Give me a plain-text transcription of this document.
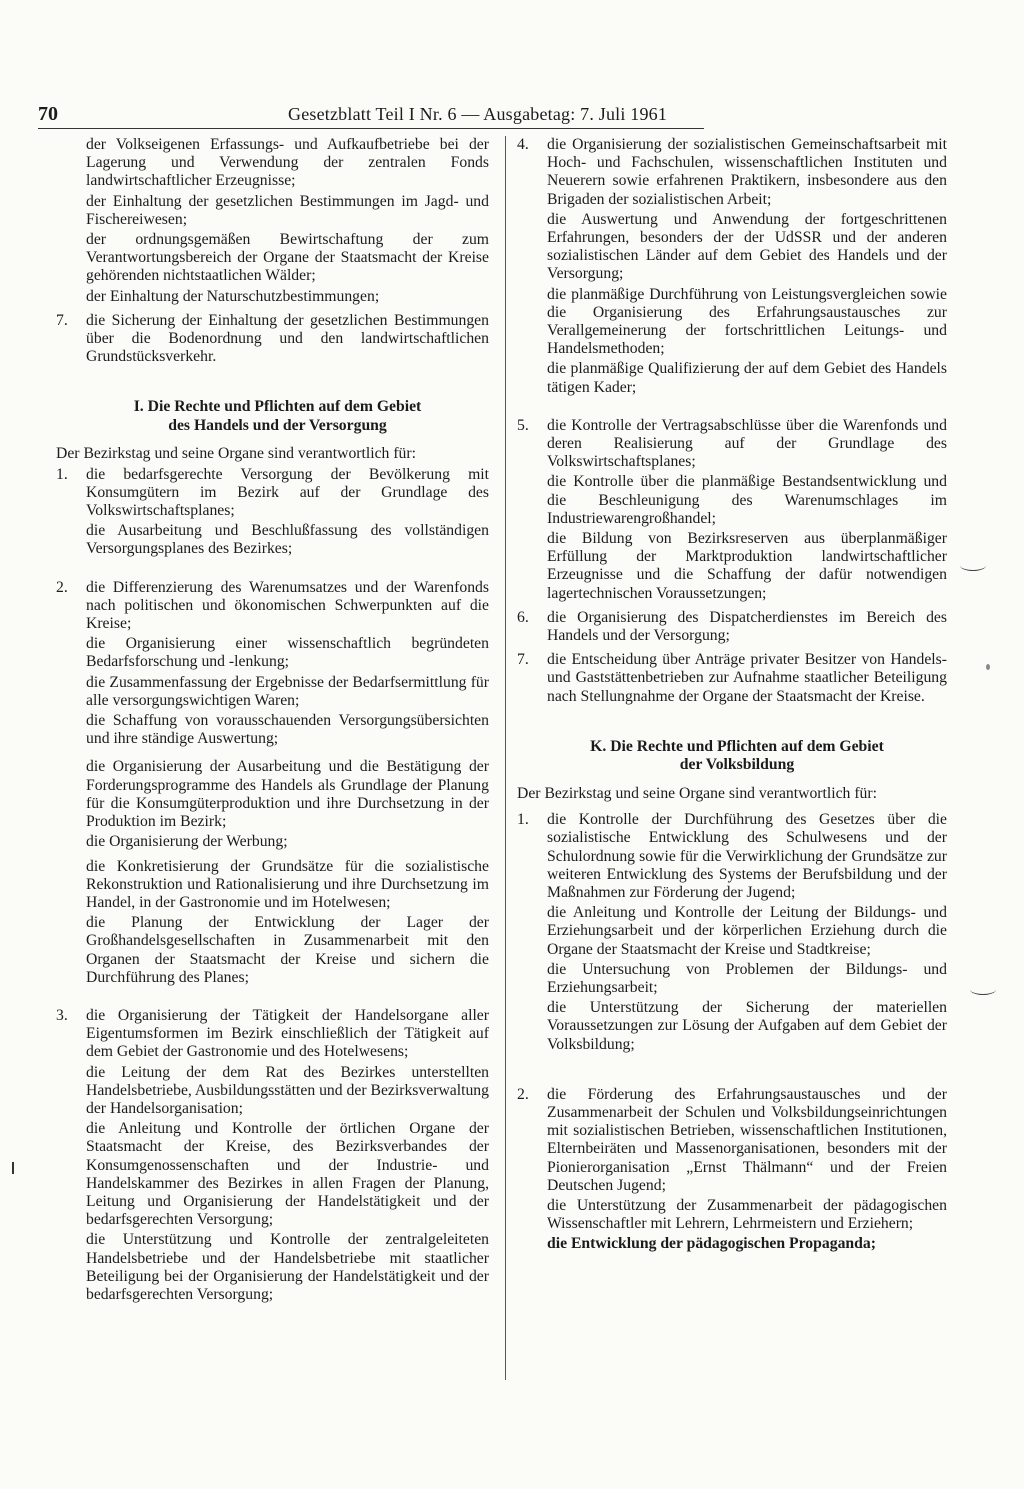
70	Gesetzblatt Teil I Nr. 6 — Ausgabetag: 7. Juli 1961

der Volkseigenen Erfassungs- und Aufkaufbetriebe bei der Lagerung und Verwendung der zentralen Fonds landwirtschaftlicher Erzeugnisse;

der Einhaltung der gesetzlichen Bestimmungen im Jagd- und Fischereiwesen;

der ordnungsgemäßen Bewirtschaftung der zum Verantwortungsbereich der Organe der Staatsmacht der Kreise gehörenden nichtstaatlichen Wälder;

der Einhaltung der Naturschutzbestimmungen;

7.	die Sicherung der Einhaltung der gesetzlichen Bestimmungen über die Bodenordnung und den landwirtschaftlichen Grundstücksverkehr.
I. Die Rechte und Pflichten auf dem Gebiet
des Handels und der Versorgung

Der Bezirkstag und seine Organe sind verantwortlich für:

1.	die bedarfsgerechte Versorgung der Bevölkerung mit Konsumgütern im Bezirk auf der Grundlage des Volkswirtschaftsplanes;

die Ausarbeitung und Beschlußfassung des vollständigen Versorgungsplanes des Bezirkes;

2.	die Differenzierung des Warenumsatzes und der Warenfonds nach politischen und ökonomischen Schwerpunkten auf die Kreise;

die Organisierung einer wissenschaftlich begründeten Bedarfsforschung und -lenkung;

die Zusammenfassung der Ergebnisse der Bedarfsermittlung für alle versorgungswichtigen Waren;

die Schaffung von vorausschauenden Versorgungsübersichten und ihre ständige Auswertung;

die Organisierung der Ausarbeitung und die Bestätigung der Forderungsprogramme des Handels als Grundlage der Planung für die Konsumgüterproduktion und ihre Durchsetzung in der Produktion im Bezirk;

die Organisierung der Werbung;

die Konkretisierung der Grundsätze für die sozialistische Rekonstruktion und Rationalisierung und ihre Durchsetzung im Handel, in der Gastronomie und im Hotelwesen;

die Planung der Entwicklung der Lager der Großhandelsgesellschaften in Zusammenarbeit mit den Organen der Staatsmacht der Kreise und sichern die Durchführung des Planes;

3.	die Organisierung der Tätigkeit der Handelsorgane aller Eigentumsformen im Bezirk einschließlich der Tätigkeit auf dem Gebiet der Gastronomie und des Hotelwesens;

die Leitung der dem Rat des Bezirkes unterstellten Handelsbetriebe, Ausbildungsstätten und der Bezirksverwaltung der Handelsorganisation;

die Anleitung und Kontrolle der örtlichen Organe der Staatsmacht der Kreise, des Bezirksverbandes der Konsumgenossenschaften und der Industrie- und Handelskammer des Bezirkes in allen Fragen der Planung, Leitung und Organisierung der Handelstätigkeit und der bedarfsgerechten Versorgung;

die Unterstützung und Kontrolle der zentralgeleiteten Handelsbetriebe und der Handelsbetriebe mit staatlicher Beteiligung bei der Organisierung der Handelstätigkeit und der bedarfsgerechten Versorgung;

4.	die Organisierung der sozialistischen Gemeinschaftsarbeit mit Hoch- und Fachschulen, wissenschaftlichen Instituten und Neuerern sowie erfahrenen Praktikern, insbesondere aus den Brigaden der sozialistischen Arbeit;

die Auswertung und Anwendung der fortgeschrittenen Erfahrungen, besonders der der UdSSR und der anderen sozialistischen Länder auf dem Gebiet des Handels und der Versorgung;

die planmäßige Durchführung von Leistungsvergleichen sowie die Organisierung des Erfahrungsaustausches zur Verallgemeinerung der fortschrittlichen Leitungs- und Handelsmethoden;

die planmäßige Qualifizierung der auf dem Gebiet des Handels tätigen Kader;

5.	die Kontrolle der Vertragsabschlüsse über die Warenfonds und deren Realisierung auf der Grundlage des Volkswirtschaftsplanes;

die Kontrolle über die planmäßige Bestandsentwicklung und die Beschleunigung des Warenumschlages im Industriewarengroßhandel;

die Bildung von Bezirksreserven aus überplanmäßiger Erfüllung der Marktproduktion landwirtschaftlicher Erzeugnisse und die Schaffung der dafür notwendigen lagertechnischen Voraussetzungen;

6.	die Organisierung des Dispatcherdienstes im Bereich des Handels und der Versorgung;
7.	die Entscheidung über Anträge privater Besitzer von Handels- und Gaststättenbetrieben zur Aufnahme staatlicher Beteiligung nach Stellungnahme der Organe der Staatsmacht der Kreise.
K. Die Rechte und Pflichten auf dem Gebiet
der Volksbildung

Der Bezirkstag und seine Organe sind verantwortlich für:

1.	die Kontrolle der Durchführung des Gesetzes über die sozialistische Entwicklung des Schulwesens und der Schulordnung sowie für die Verwirklichung der Grundsätze zur weiteren Entwicklung des Systems der Berufsbildung und der Maßnahmen zur Förderung der Jugend;

die Anleitung und Kontrolle der Leitung der Bildungs- und Erziehungsarbeit und der körperlichen Erziehung durch die Organe der Staatsmacht der Kreise und Stadtkreise;

die Untersuchung von Problemen der Bildungs- und Erziehungsarbeit;

die Unterstützung der Sicherung der materiellen Voraussetzungen zur Lösung der Aufgaben auf dem Gebiet der Volksbildung;

2.	die Förderung des Erfahrungsaustausches und der Zusammenarbeit der Schulen und Volksbildungseinrichtungen mit sozialistischen Betrieben, wissenschaftlichen Institutionen, Elternbeiräten und Massenorganisationen, besonders mit der Pionierorganisation „Ernst Thälmann“ und der Freien Deutschen Jugend;

die Unterstützung der Zusammenarbeit der pädagogischen Wissenschaftler mit Lehrern, Lehrmeistern und Erziehern;

die Entwicklung der pädagogischen Propaganda;
